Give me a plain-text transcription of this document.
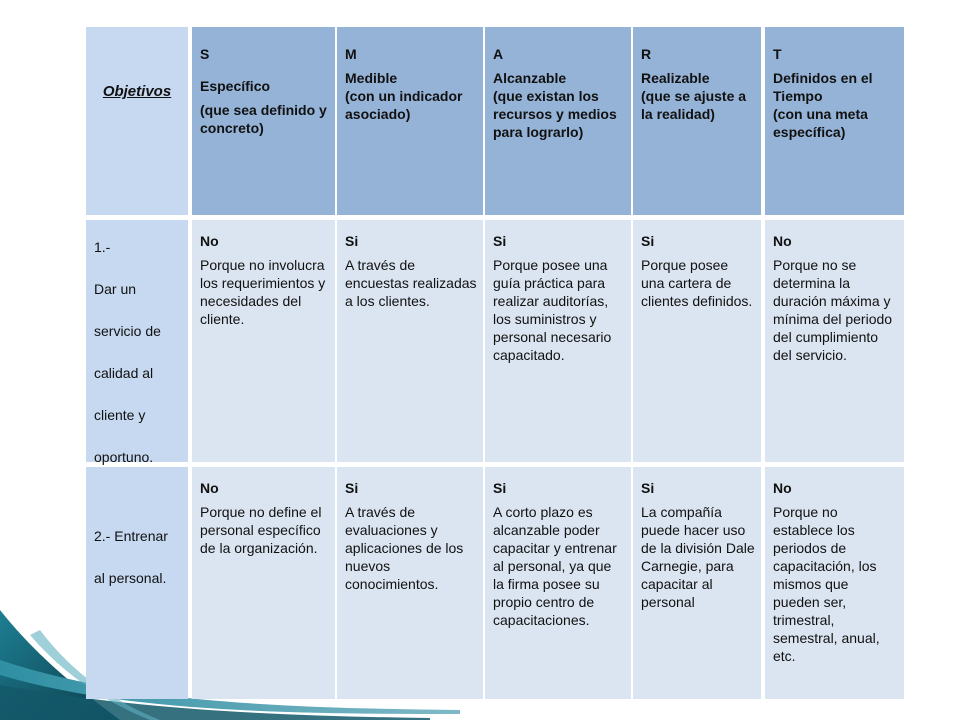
Objetivos
S
Específico
(que sea definido y concreto)
M
Medible
(con un indicador asociado)
A
Alcanzable
(que existan los recursos y medios para lograrlo)
R
Realizable
(que se ajuste a la realidad)
T
Definidos en el Tiempo
(con una meta específica)
1.-
Dar un
servicio de
calidad al
cliente y
oportuno.
No
Porque no involucra los requerimientos y necesidades del cliente.
Si
A través de encuestas realizadas a los clientes.
Si
Porque posee una guía práctica para realizar auditorías, los suministros y personal necesario capacitado.
Si
Porque posee una cartera de clientes definidos.
No
Porque no se determina la duración máxima y mínima del periodo del cumplimiento del servicio.
2.- Entrenar
al personal.
No
Porque no define el personal específico de la organización.
Si
A través de evaluaciones y aplicaciones de los nuevos conocimientos.
Si
A corto plazo es alcanzable poder capacitar y entrenar al personal, ya que la firma posee su propio centro de capacitaciones.
Si
La compañía puede hacer uso de la división Dale Carnegie, para capacitar al personal
No
Porque no establece los periodos de capacitación, los mismos que pueden ser, trimestral, semestral, anual, etc.
